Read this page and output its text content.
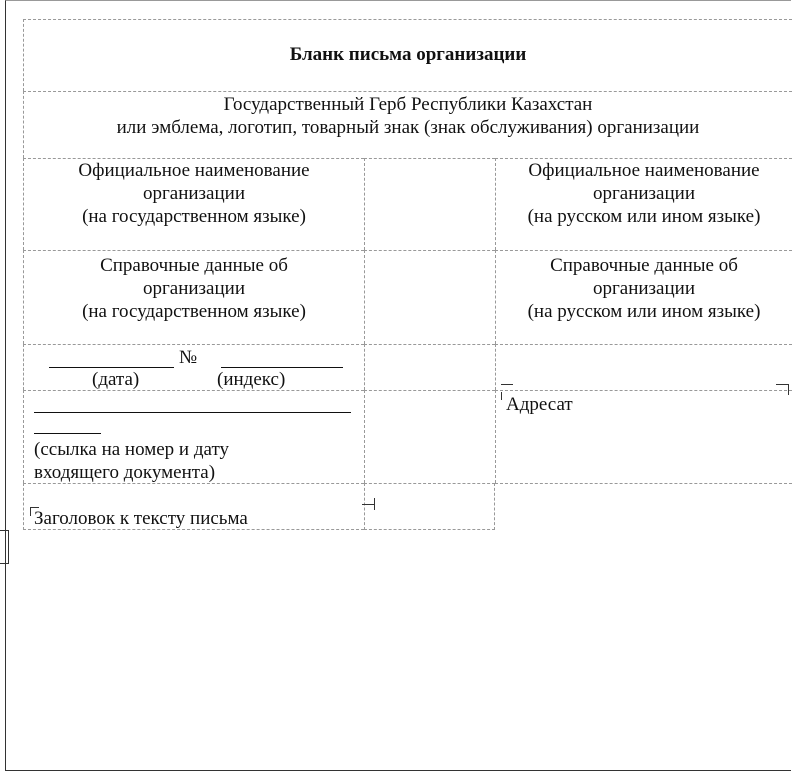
Бланк письма организации
Государственный Герб Республики Казахстан
или эмблема, логотип, товарный знак (знак обслуживания) организации
Официальное наименование
организации
(на государственном языке)
Официальное наименование
организации
(на русском или ином языке)
Справочные данные об
организации
(на государственном языке)
Справочные данные об
организации
(на русском или ином языке)
№
(дата)	(индекс)
(ссылка на номер и дату
входящего документа)
Адресат
Заголовок к тексту письма
